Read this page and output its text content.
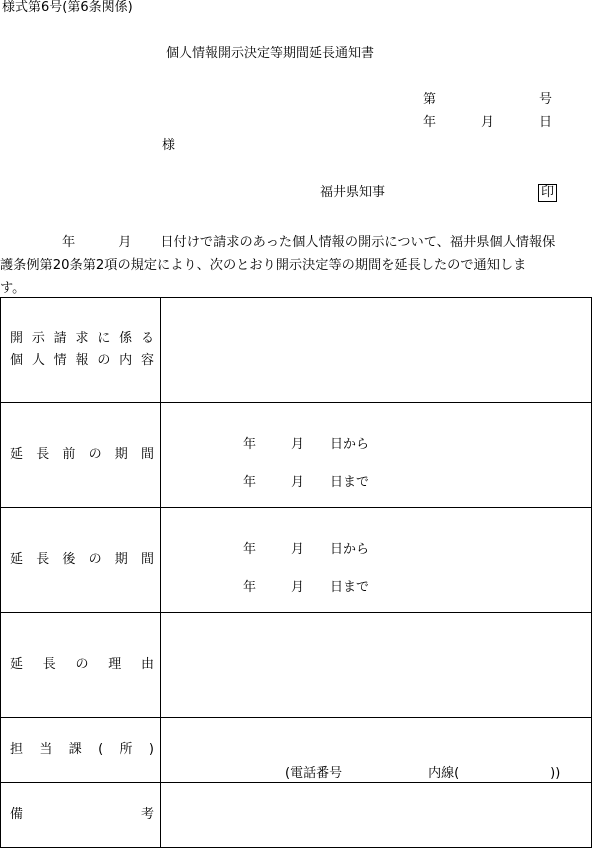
様式第6号(第6条関係)
個人情報開示決定等期間延長通知書
第	号
年	月	日
様
福井県知事	印
年	月 日付けで請求のあった個人情報の開示について、福井県個人情報保
護条例第20条第2項の規定により、次のとおり開示決定等の期間を延長したので通知しま
す。
開示請求に係る
個人情報の内容	

延長前の期間	年 月 日から
年 月 日まで

延長後の期間	年 月 日から
年 月 日まで

延長の理由	

担当課(所)	(電話番号 内線( ))

備考	
